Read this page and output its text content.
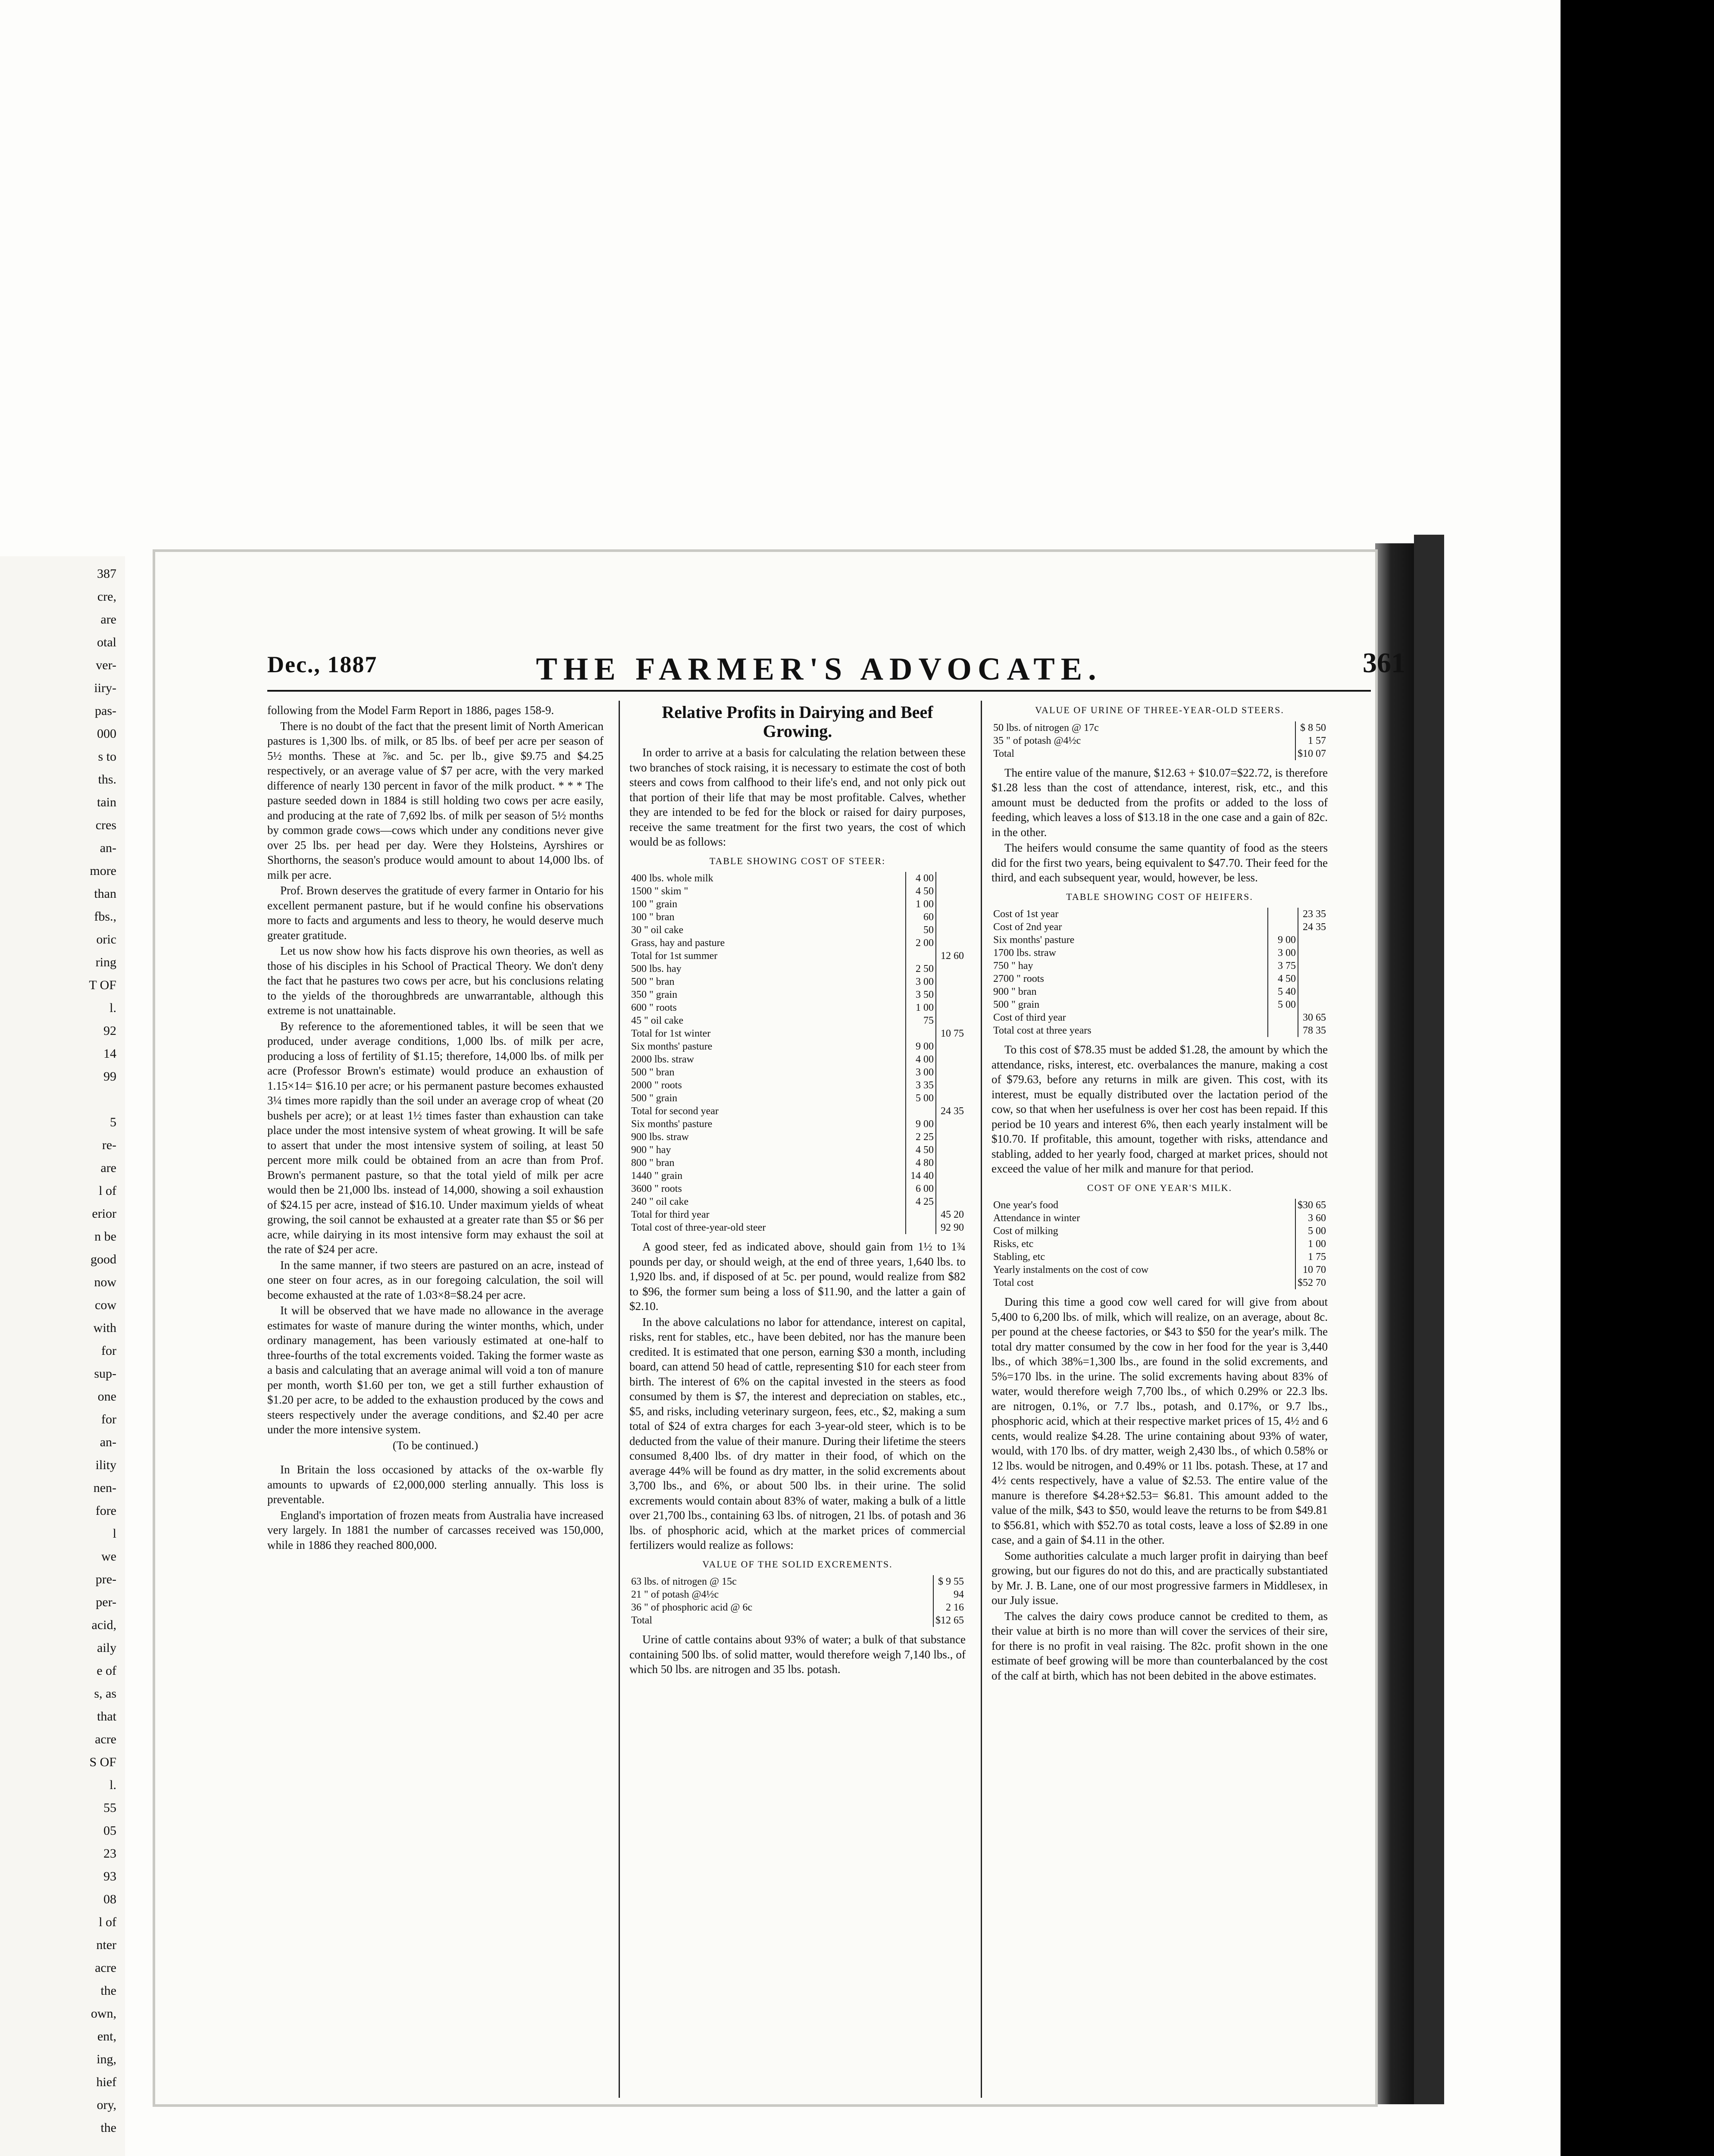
387
cre,
are
otal
ver-
iiry-
pas-
000
s to
ths.
tain
cres
an-
more
than
fbs.,
oric
ring
T OF
l.
92
14
99
5
re-
are
l of
erior
n be
good
now
cow
with
for
sup-
one
for
an-
ility
nen-
fore
l
we
pre-
per-
acid,
aily
e of
s, as
that
acre
S OF
l.
55
05
23
93
08
l of
nter
acre
the
own,
ent,
ing,
hief
ory,
the
Dec., 1887	THE FARMER'S ADVOCATE.	361

following from the Model Farm Report in 1886, pages 158-9.

There is no doubt of the fact that the present limit of North American pastures is 1,300 lbs. of milk, or 85 lbs. of beef per acre per season of 5½ months. These at ⅞c. and 5c. per lb., give $9.75 and $4.25 respectively, or an average value of $7 per acre, with the very marked difference of nearly 130 percent in favor of the milk product. * * * The pasture seeded down in 1884 is still holding two cows per acre easily, and producing at the rate of 7,692 lbs. of milk per season of 5½ months by common grade cows—cows which under any conditions never give over 25 lbs. per head per day. Were they Holsteins, Ayrshires or Shorthorns, the season's produce would amount to about 14,000 lbs. of milk per acre.

Prof. Brown deserves the gratitude of every farmer in Ontario for his excellent permanent pasture, but if he would confine his observations more to facts and arguments and less to theory, he would deserve much greater gratitude.

Let us now show how his facts disprove his own theories, as well as those of his disciples in his School of Practical Theory. We don't deny the fact that he pastures two cows per acre, but his conclusions relating to the yields of the thoroughbreds are unwarrantable, although this extreme is not unattainable.

By reference to the aforementioned tables, it will be seen that we produced, under average conditions, 1,000 lbs. of milk per acre, producing a loss of fertility of $1.15; therefore, 14,000 lbs. of milk per acre (Professor Brown's estimate) would produce an exhaustion of 1.15×14= $16.10 per acre; or his permanent pasture becomes exhausted 3¼ times more rapidly than the soil under an average crop of wheat (20 bushels per acre); or at least 1½ times faster than exhaustion can take place under the most intensive system of wheat growing. It will be safe to assert that under the most intensive system of soiling, at least 50 percent more milk could be obtained from an acre than from Prof. Brown's permanent pasture, so that the total yield of milk per acre would then be 21,000 lbs. instead of 14,000, showing a soil exhaustion of $24.15 per acre, instead of $16.10. Under maximum yields of wheat growing, the soil cannot be exhausted at a greater rate than $5 or $6 per acre, while dairying in its most intensive form may exhaust the soil at the rate of $24 per acre.

In the same manner, if two steers are pastured on an acre, instead of one steer on four acres, as in our foregoing calculation, the soil will become exhausted at the rate of 1.03×8=$8.24 per acre.

It will be observed that we have made no allowance in the average estimates for waste of manure during the winter months, which, under ordinary management, has been variously estimated at one-half to three-fourths of the total excrements voided. Taking the former waste as a basis and calculating that an average animal will void a ton of manure per month, worth $1.60 per ton, we get a still further exhaustion of $1.20 per acre, to be added to the exhaustion produced by the cows and steers respectively under the average conditions, and $2.40 per acre under the more intensive system.

(To be continued.)

In Britain the loss occasioned by attacks of the ox-warble fly amounts to upwards of £2,000,000 sterling annually. This loss is preventable.

England's importation of frozen meats from Australia have increased very largely. In 1881 the number of carcasses received was 150,000, while in 1886 they reached 800,000.

Relative Profits in Dairying and Beef Growing.

In order to arrive at a basis for calculating the relation between these two branches of stock raising, it is necessary to estimate the cost of both steers and cows from calfhood to their life's end, and not only pick out that portion of their life that may be most profitable. Calves, whether they are intended to be fed for the block or raised for dairy purposes, receive the same treatment for the first two years, the cost of which would be as follows:

TABLE SHOWING COST OF STEER:

400 lbs. whole milk	4 00	
1500 " skim "	4 50	
100 " grain	1 00	
100 " bran	60	
30 " oil cake	50	
Grass, hay and pasture	2 00	
Total for 1st summer		12 60
500 lbs. hay	2 50	
500 " bran	3 00	
350 " grain	3 50	
600 " roots	1 00	
45 " oil cake	75	
Total for 1st winter		10 75
Six months' pasture	9 00	
2000 lbs. straw	4 00	
500 " bran	3 00	
2000 " roots	3 35	
500 " grain	5 00	
Total for second year		24 35
Six months' pasture	9 00	
900 lbs. straw	2 25	
900 " hay	4 50	
800 " bran	4 80	
1440 " grain	14 40	
3600 " roots	6 00	
240 " oil cake	4 25	
Total for third year		45 20
Total cost of three-year-old steer		92 90

A good steer, fed as indicated above, should gain from 1½ to 1¾ pounds per day, or should weigh, at the end of three years, 1,640 lbs. to 1,920 lbs. and, if disposed of at 5c. per pound, would realize from $82 to $96, the former sum being a loss of $11.90, and the latter a gain of $2.10.

In the above calculations no labor for attendance, interest on capital, risks, rent for stables, etc., have been debited, nor has the manure been credited. It is estimated that one person, earning $30 a month, including board, can attend 50 head of cattle, representing $10 for each steer from birth. The interest of 6% on the capital invested in the steers as food consumed by them is $7, the interest and depreciation on stables, etc., $5, and risks, including veterinary surgeon, fees, etc., $2, making a sum total of $24 of extra charges for each 3-year-old steer, which is to be deducted from the value of their manure. During their lifetime the steers consumed 8,400 lbs. of dry matter in their food, of which on the average 44% will be found as dry matter, in the solid excrements about 3,700 lbs., and 6%, or about 500 lbs. in their urine. The solid excrements would contain about 83% of water, making a bulk of a little over 21,700 lbs., containing 63 lbs. of nitrogen, 21 lbs. of potash and 36 lbs. of phosphoric acid, which at the market prices of commercial fertilizers would realize as follows:

VALUE OF THE SOLID EXCREMENTS.

63 lbs. of nitrogen @ 15c	$ 9 55
21 " of potash @4½c	94
36 " of phosphoric acid @ 6c	2 16
Total	$12 65

Urine of cattle contains about 93% of water; a bulk of that substance containing 500 lbs. of solid matter, would therefore weigh 7,140 lbs., of which 50 lbs. are nitrogen and 35 lbs. potash.

VALUE OF URINE OF THREE-YEAR-OLD STEERS.

50 lbs. of nitrogen @ 17c	$ 8 50
35 " of potash @4½c	1 57
Total	$10 07

The entire value of the manure, $12.63 + $10.07=$22.72, is therefore $1.28 less than the cost of attendance, interest, risk, etc., and this amount must be deducted from the profits or added to the loss of feeding, which leaves a loss of $13.18 in the one case and a gain of 82c. in the other.

The heifers would consume the same quantity of food as the steers did for the first two years, being equivalent to $47.70. Their feed for the third, and each subsequent year, would, however, be less.

TABLE SHOWING COST OF HEIFERS.

Cost of 1st year		23 35
Cost of 2nd year		24 35
Six months' pasture	9 00	
1700 lbs. straw	3 00	
750 " hay	3 75	
2700 " roots	4 50	
900 " bran	5 40	
500 " grain	5 00	
Cost of third year		30 65
Total cost at three years		78 35

To this cost of $78.35 must be added $1.28, the amount by which the attendance, risks, interest, etc. overbalances the manure, making a cost of $79.63, before any returns in milk are given. This cost, with its interest, must be equally distributed over the lactation period of the cow, so that when her usefulness is over her cost has been repaid. If this period be 10 years and interest 6%, then each yearly instalment will be $10.70. If profitable, this amount, together with risks, attendance and stabling, added to her yearly food, charged at market prices, should not exceed the value of her milk and manure for that period.

COST OF ONE YEAR'S MILK.

One year's food	$30 65
Attendance in winter	3 60
Cost of milking	5 00
Risks, etc	1 00
Stabling, etc	1 75
Yearly instalments on the cost of cow	10 70
Total cost	$52 70

During this time a good cow well cared for will give from about 5,400 to 6,200 lbs. of milk, which will realize, on an average, about 8c. per pound at the cheese factories, or $43 to $50 for the year's milk. The total dry matter consumed by the cow in her food for the year is 3,440 lbs., of which 38%=1,300 lbs., are found in the solid excrements, and 5%=170 lbs. in the urine. The solid excrements having about 83% of water, would therefore weigh 7,700 lbs., of which 0.29% or 22.3 lbs. are nitrogen, 0.1%, or 7.7 lbs., potash, and 0.17%, or 9.7 lbs., phosphoric acid, which at their respective market prices of 15, 4½ and 6 cents, would realize $4.28. The urine containing about 93% of water, would, with 170 lbs. of dry matter, weigh 2,430 lbs., of which 0.58% or 12 lbs. would be nitrogen, and 0.49% or 11 lbs. potash. These, at 17 and 4½ cents respectively, have a value of $2.53. The entire value of the manure is therefore $4.28+$2.53= $6.81. This amount added to the value of the milk, $43 to $50, would leave the returns to be from $49.81 to $56.81, which with $52.70 as total costs, leave a loss of $2.89 in one case, and a gain of $4.11 in the other.

Some authorities calculate a much larger profit in dairying than beef growing, but our figures do not do this, and are practically substantiated by Mr. J. B. Lane, one of our most progressive farmers in Middlesex, in our July issue.

The calves the dairy cows produce cannot be credited to them, as their value at birth is no more than will cover the services of their sire, for there is no profit in veal raising. The 82c. profit shown in the one estimate of beef growing will be more than counterbalanced by the cost of the calf at birth, which has not been debited in the above estimates.
